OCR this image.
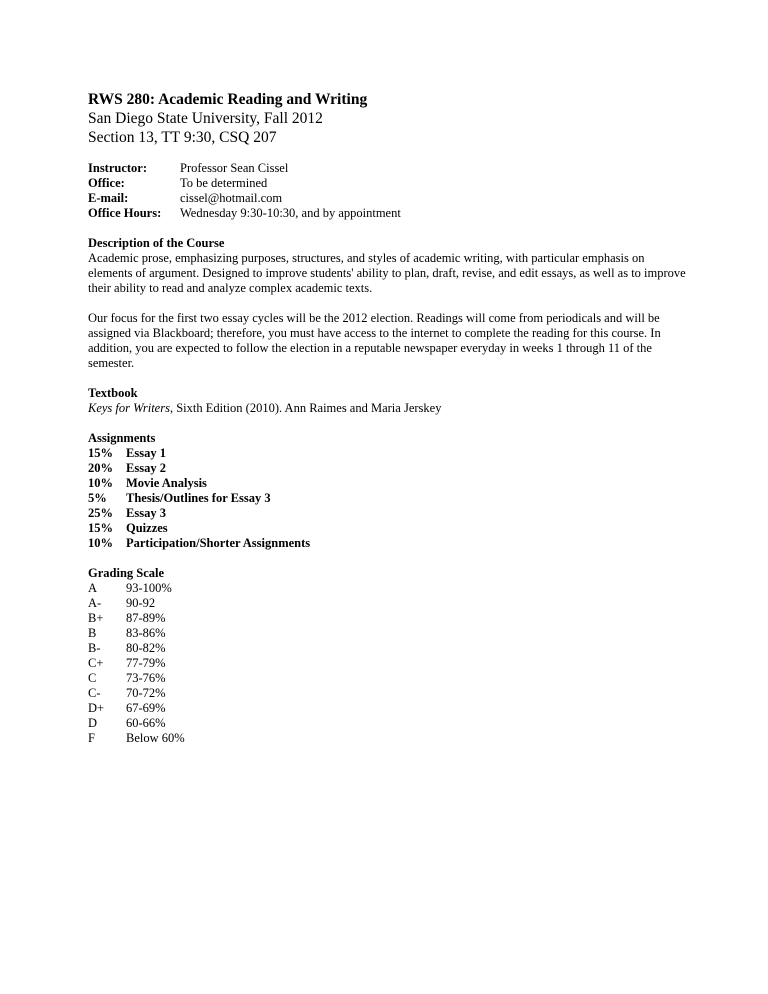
RWS 280: Academic Reading and Writing
San Diego State University, Fall 2012
Section 13, TT 9:30, CSQ 207
Instructor:	Professor Sean Cissel
Office:	To be determined
E-mail:	cissel@hotmail.com
Office Hours:	Wednesday 9:30-10:30, and by appointment
Description of the Course

Academic prose, emphasizing purposes, structures, and styles of academic writing, with particular emphasis on elements of argument. Designed to improve students' ability to plan, draft, revise, and edit essays, as well as to improve their ability to read and analyze complex academic texts.

Our focus for the first two essay cycles will be the 2012 election. Readings will come from periodicals and will be assigned via Blackboard; therefore, you must have access to the internet to complete the reading for this course. In addition, you are expected to follow the election in a reputable newspaper everyday in weeks 1 through 11 of the semester.

Textbook
Keys for Writers, Sixth Edition (2010). Ann Raimes and Maria Jerskey
Assignments
15%	Essay 1
20%	Essay 2
10%	Movie Analysis
5%	Thesis/Outlines for Essay 3
25%	Essay 3
15%	Quizzes
10%	Participation/Shorter Assignments
Grading Scale
A	93-100%
A-	90-92
B+	87-89%
B	83-86%
B-	80-82%
C+	77-79%
C	73-76%
C-	70-72%
D+	67-69%
D	60-66%
F	Below 60%
